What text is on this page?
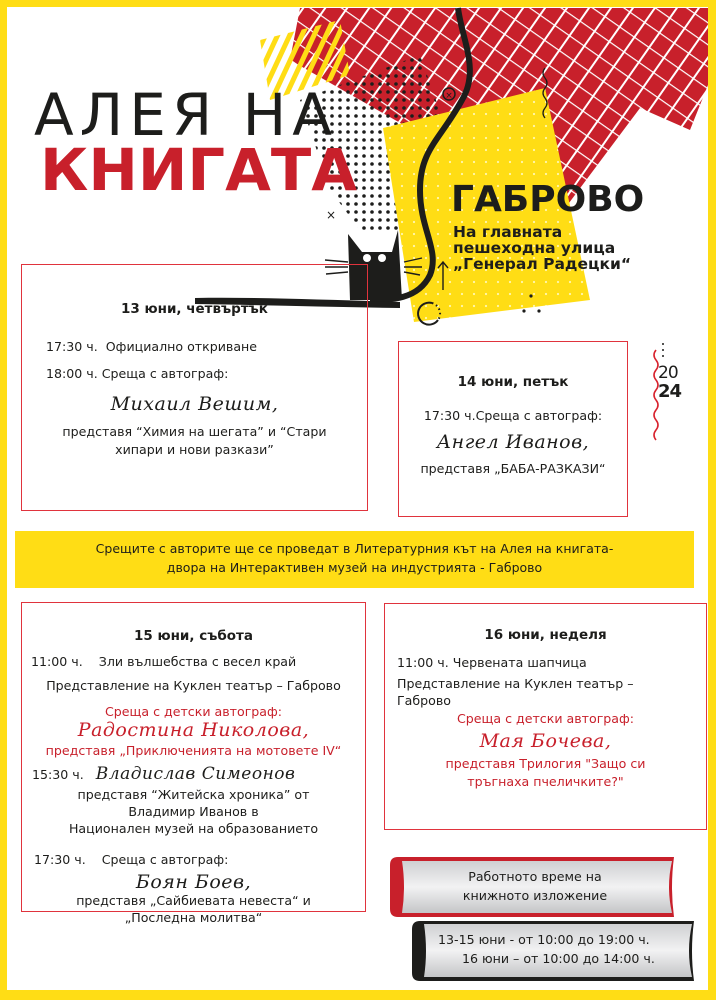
×
×
АЛЕЯ НА
КНИГАТА	ГАБРОВО
На главната
пешеходна улица
„Генерал Радецки“
13 юни, четвъртък
17:30 ч. Официално откриване
18:00 ч. Среща с автограф:
Михаил Вешим,
представя “Химия на шегата” и “Стари
хипари и нови разкази”
14 юни, петък
17:30 ч.Среща с автограф:
Ангел Иванов,
представя „БАБА-РАЗКАЗИ“
20
24
Срещите с авторите ще се проведат в Литературния кът на Алея на книгата-
двора на Интерактивен музей на индустрията - Габрово
15 юни, събота
11:00 ч. Зли вълшебства с весел край
Представление на Куклен театър – Габрово
Среща с детски автограф:
Радостина Николова,
представя „Приключенията на мотовете IV“
15:30 ч. Владислав Симеонов
представя “Житейска хроника” от
Владимир Иванов в
Национален музей на образованието
17:30 ч. Среща с автограф:
Боян Боев,
представя „Сайбиевата невеста“ и
„Последна молитва“
16 юни, неделя
11:00 ч. Червената шапчица
Представление на Куклен театър –
Габрово
Среща с детски автограф:
Мая Бочева,
представя Трилогия "Защо си
тръгнаха пчеличките?"
Работното време на
книжното изложение
13-15 юни - от 10:00 до 19:00 ч.
16 юни – от 10:00 до 14:00 ч.
